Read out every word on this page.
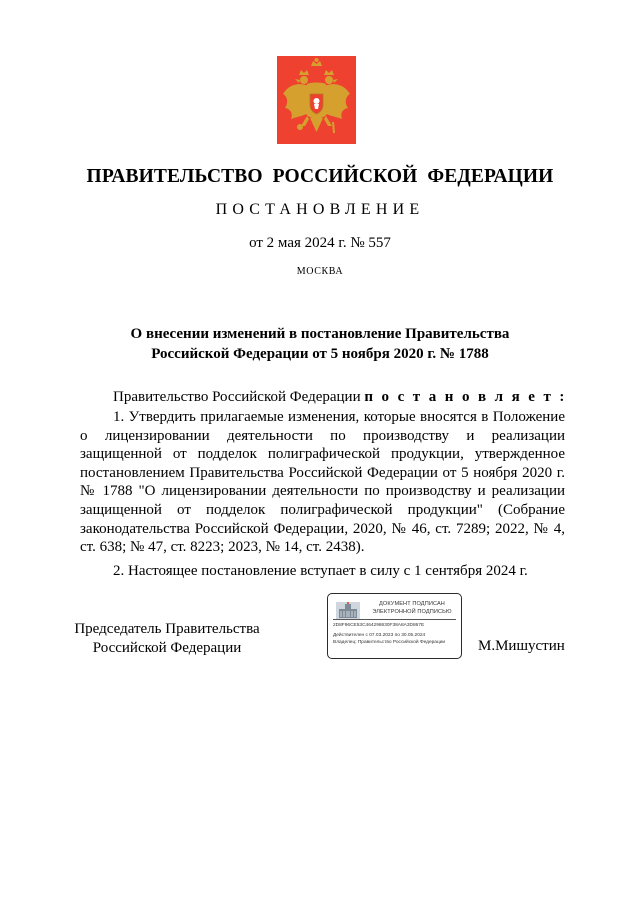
ПРАВИТЕЛЬСТВО РОССИЙСКОЙ ФЕДЕРАЦИИ
ПОСТАНОВЛЕНИЕ
от 2 мая 2024 г. № 557
МОСКВА
О внесении изменений в постановление Правительства
Российской Федерации от 5 ноября 2020 г. № 1788
Правительство Российской Федерации п о с т а н о в л я е т :
1. Утвердить прилагаемые изменения, которые вносятся в Положение о лицензировании деятельности по производству и реализации защищенной от подделок полиграфической продукции, утвержденное постановлением Правительства Российской Федерации от 5 ноября 2020 г. № 1788 "О лицензировании деятельности по производству и реализации защищенной от подделок полиграфической продукции" (Собрание законодательства Российской Федерации, 2020, № 46, ст. 7289; 2022, № 4, ст. 638; № 47, ст. 8223; 2023, № 14, ст. 2438).
2. Настоящее постановление вступает в силу с 1 сентября 2024 г.
Председатель Правительства
Российской Федерации
ДОКУМЕНТ ПОДПИСАН
ЭЛЕКТРОННОЙ ПОДПИСЬЮ
2D8F96CE53C464298630F38A8A3D867E
Действителен с 07.03.2023 по 30.05.2024
Владелец: Правительство Российской Федерации	М.Мишустин
